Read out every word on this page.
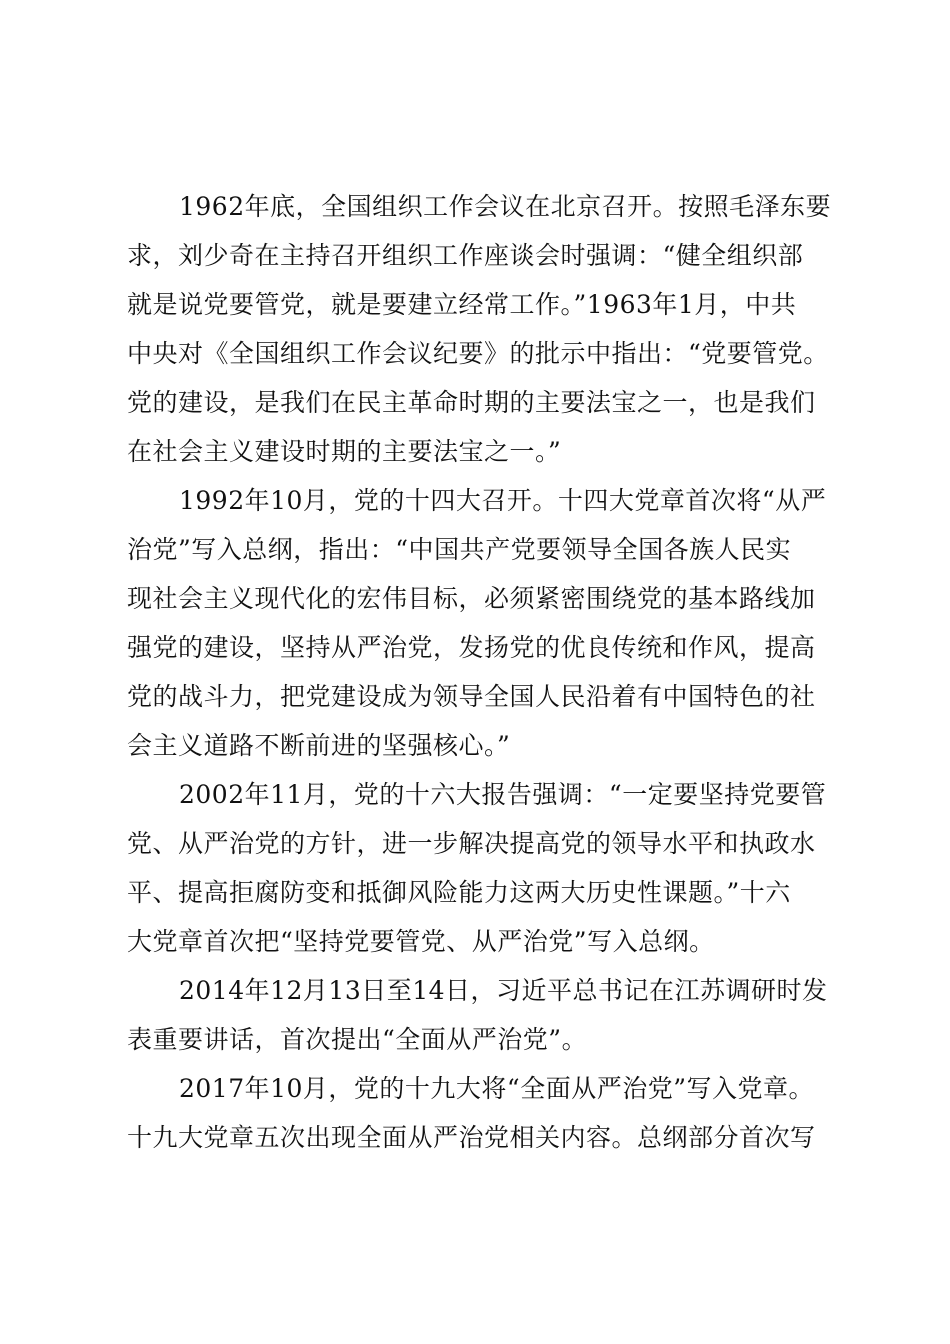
1962年底，全国组织工作会议在北京召开。按照毛泽东要
求，刘少奇在主持召开组织工作座谈会时强调：“健全组织部
就是说党要管党，就是要建立经常工作。”1963年1月，中共
中央对《全国组织工作会议纪要》的批示中指出：“党要管党。
党的建设，是我们在民主革命时期的主要法宝之一，也是我们
在社会主义建设时期的主要法宝之一。”
1992年10月，党的十四大召开。十四大党章首次将“从严
治党”写入总纲，指出：“中国共产党要领导全国各族人民实
现社会主义现代化的宏伟目标，必须紧密围绕党的基本路线加
强党的建设，坚持从严治党，发扬党的优良传统和作风，提高
党的战斗力，把党建设成为领导全国人民沿着有中国特色的社
会主义道路不断前进的坚强核心。”
2002年11月，党的十六大报告强调：“一定要坚持党要管
党、从严治党的方针，进一步解决提高党的领导水平和执政水
平、提高拒腐防变和抵御风险能力这两大历史性课题。”十六
大党章首次把“坚持党要管党、从严治党”写入总纲。
2014年12月13日至14日，习近平总书记在江苏调研时发
表重要讲话，首次提出“全面从严治党”。
2017年10月，党的十九大将“全面从严治党”写入党章。
十九大党章五次出现全面从严治党相关内容。总纲部分首次写
